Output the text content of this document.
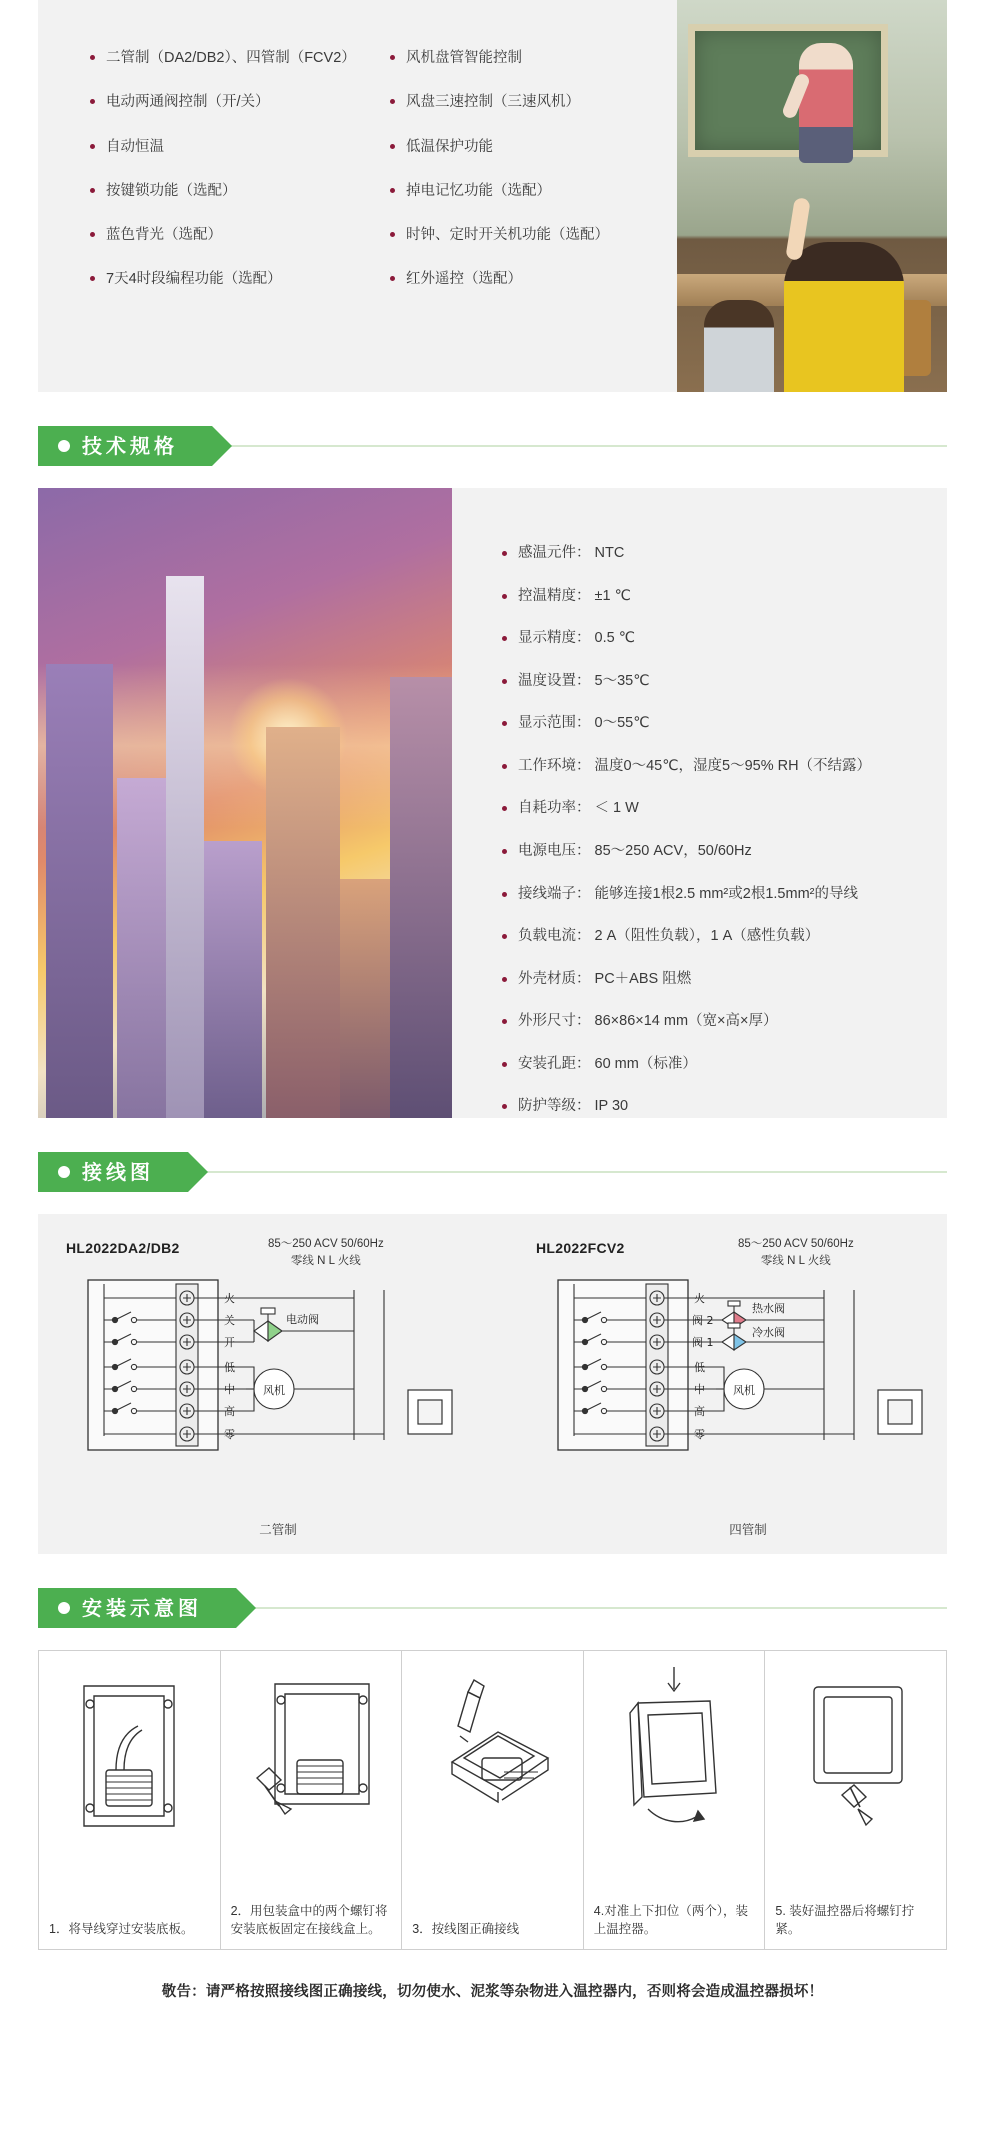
二管制（DA2/DB2）、四管制（FCV2）
电动两通阀控制（开/关）
自动恒温
按键锁功能（选配）
蓝色背光（选配）
7天4时段编程功能（选配）
风机盘管智能控制
风盘三速控制（三速风机）
低温保护功能
掉电记忆功能（选配）
时钟、定时开关机功能（选配）
红外遥控（选配）
技术规格
感温元件： NTC
控温精度： ±1 ℃
显示精度： 0.5 ℃
温度设置： 5～35℃
显示范围： 0～55℃
工作环境： 温度0～45℃，湿度5～95% RH（不结露）
自耗功率： ＜ 1 W
电源电压： 85～250 ACV，50/60Hz
接线端子： 能够连接1根2.5 mm²或2根1.5mm²的导线
负载电流： 2 A（阻性负载），1 A（感性负载）
外壳材质： PC＋ABS 阻燃
外形尺寸： 86×86×14 mm（宽×高×厚）
安装孔距： 60 mm（标准）
防护等级： IP 30
接线图
HL2022DA2/DB2	85～250 ACV 50/60Hz
零线 N L 火线
火
关
开
低
中
高
零
电动阀
风机
二管制
HL2022FCV2	85～250 ACV 50/60Hz
零线 N L 火线
火
阀 2
阀 1
低
中
高
零
热水阀
冷水阀
风机
四管制
安装示意图
1．将导线穿过安装底板。
2．用包装盒中的两个螺钉将安装底板固定在接线盒上。	3．按线图正确接线
4.对准上下扣位（两个），装上温控器。
5. 装好温控器后将螺钉拧紧。
敬告：请严格按照接线图正确接线，切勿使水、泥浆等杂物进入温控器内，否则将会造成温控器损坏！
